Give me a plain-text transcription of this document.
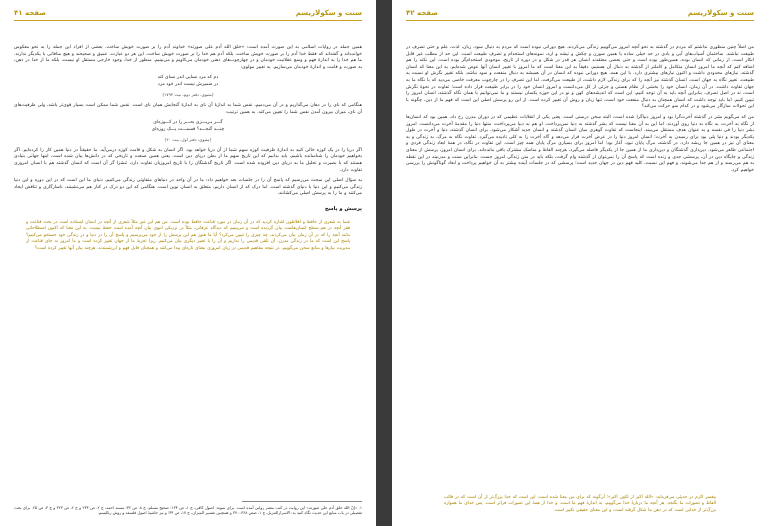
سنت و سکولاریسم
صفحه ۴۱

همین جمله در روایات اسلامی به این صورت آمده است: «خلق الله آدم علی صورته» خداوند آدم را بر صورت خویش ساخت. بعضی از افراد این جمله را به نحو معکوس خوانده‌اند و گفته‌اند که فقط خدا آدم را بر صورت خویش ساخت، بلکه آدم هم خدا را بر صورت خویش ساخت. این هر دو عبارت، عمیق و صحیحند و هیچ منافاتی با یکدیگر ندارند. ما هم خدا را به اندازهٔ فهم و وسع عقلانیت خودمان و در چهارچوب‌های ذهنی خودمان می‌کاویم و می‌بینیم. منظور از خدا، وجود خارجی مستقل او نیست، بلکه ما از خدا در ذهن، به صورت و قامت و اندازهٔ خودمان می‌سازیم. به تعبیر مولوی:

دم که مرد نسایی اندر نسای کند
در ضمیرش نیست اندر خود مرد
(مثنوی، دفتر دوم، بیت ۱۷۹۳)

هنگامی که نای را در دهان می‌گذاریم و در آن می‌دمیم، نفس شما به اندازهٔ آن نای به اندازهٔ گنجایش همان نای است. نفس شما ممکن است بسیار قوی‌تر باشد، ولی ظرفیت‌های آن نای، میزان بیرون آمدن نفس شما را تعیین می‌کند. به همین ترتیب:

گـــر بـریـــزی بحـــر را در کـــوزه‌ای
چنـــد گنجـــد؟ قسمـــت یـــک روزه‌ای
(مثنوی، دفتر اول، بیت ۲۰)

اگر دریا را در یک کوزه خالی کنید به اندازهٔ ظرفیت کوزه سهم شما از آن دریا خواهد بود. اگر انسان به شکل و قامت کوزه درمی‌آید. ما حقیقتاً در دنیا همین کار را کرده‌ایم. اگر بخواهیم خودمان را شناسانده باشیم، باید بدانیم که این تاریخ سهم ما از بطن دریای دین است. یعنی همین صنعت و تاریخی که در دانش‌ها بیان شده است، اینها جهانی بنیادی هستند که با بصیرت و تحلیل ما به دریای دین افزوده شده است. اگر تاریخ گذشتگان را با تاریخ امروزیان تفاوت دارد، تنشزا گر آن است که انسان گذشته هم با انسان امروزی تفاوت دارد.

به سؤال اصلی این مبحث می‌رسیم که پاسخ آن را در جلسات بعد خواهیم داد: ما در آن واحد در دنیاهای متفاوتی زندگی می‌کنیم، دنیای ما این است که در این دوره و این دنیا زندگی می‌کنیم و این دنیا با دنیای گذشته است. اما درک که از انسان داریم، متعلق به انسان نوین است. هنگامی که این دو درک در کنار هم می‌نشینند، ناسازگاری و تناقض ایجاد می‌کنند و ما را به پرسش اصلی می‌کشانند.

پرسش و پاسخ

شما به شعری از حافظ و افلاطون اشاره کردید که در آن زمان در مورد قناعت حافظ بوده است. من هم ابن غیر مثلاً شعری از آنچه در انسان ایستاده است در بحث قناعت و فقر آنچه در هم سطح انسان‌هاست بیان گردیده است و می‌بینیم که دیدگاه عرفانی، مثلاً در نزدیکی انبوی بیان آنچه آمده است حفظ نیست. به این معنا که اکنون اصطلاحاتی مانند آنچه را که در آن زمان بیان می‌کردند، چه چیزی را تبیین می‌کرد؟ آیا ما هنوز هم این پرسش را از خود می‌پرسیم و پاسخ آن را در دنیا و در زندگی خود جستجو می‌کنیم؟ پاسخ این است که ما در زندگی مدرن، آن تلقی قدیمی را نداریم و آن را با تعبیر دیگری بیان می‌کنیم. زیرا تجربهٔ ما از جهان تغییر کرده است و ما امروز به جای قناعت از مدیریت نیازها و منابع سخن می‌گوییم. در نتیجه مفاهیم قدیمی در زبان امروزی معنای تازه‌ای پیدا می‌کنند و همچنان قابل فهم و ارزشمندند، هرچند بیان آنها تغییر کرده است؟

۱. «إنّ الله خلق آدم علی صورته» این روایت در کتب معتبر روایی آمده است. برای نمونه: اصول کافی، ج ۱، ص ۱۳۴؛ صحیح مسلم، ج ۸، ص ۳۲؛ مسند احمد، ج ۲، ص ۲۴۴ و ج ۲، ص ۳۲۳ و ج ۳، ص ۲۵. برای بحث تفصیلی در باب منابع این حدیث نگاه کنید به: الاسرارالتنزیل، ج ۱، صص ۳۶۸–۳۷۰ و همچنین تفسیر المیزان، ج ۱۷، ص ۴۴؛ و نیز حاشیهٔ اصول فلسفه و روش رئالیسم.

سنت و سکولاریسم
صفحه ۴۲

من اصلاً چنین منظوری نداشتم که مردم در گذشته به نحو آنچه امروز می‌گوییم زندگی می‌کردند. هیچ دورانی نبوده است که مردم به دنبال سود، زبان، لذت، علم و حتی تصرف در طبیعت نباشند. ساختمان آسیاب‌های آبی و بادی در حد خیلی ساده یا همین سوزن و چکش و تیشه و اره، نمونه‌های استخدام و تصرف طبیعت است. این حد از مطلب غیر قابل انکار است. از زمانی که انسان بوده، همین‌طور بوده است و حتی بعضی معتقدند انسان هر قدر در شکل و در دوره از تاریخ، موجودی استخدام‌گر بوده است. این نکته را هم اضافه کنم که آنچه ما امروز انسان متکامل و کاملتر از گذشته به دنبال آن هستیم، دقیقاً به این معنا است که ما امروز با تغییر انسان آنها عوض شده‌ایم. به این معنا که انسان گذشته، نیازهای محدودی داشت و اکنون نیازهای بیشتری دارد. با این همه، هیچ دورانی نبوده که انسان در آن همیشه به دنبال منفعت و سود نباشد، بلکه تغییر نگرش او نسبت به طبیعت، تغییر نگاه به جهان است. انسان گذشته نیز آنچه را که برای زندگی لازم داشت، از طبیعت می‌گرفت، اما این تصرف را در چارچوب معرفت خاصی می‌دید که با نگاه ما به جهان تفاوت داشت. در آن زمان، انسان خود را بخشی از نظام هستی و جزئی از کل می‌دانست و امروز انسان خود را در برابر طبیعت قرار داده است؛ تفاوت در نحوهٔ نگرش است، نه در اصل تصرف. بنابراین آنچه باید به آن توجه کنیم، این است که اندیشه‌های کهن و نو در این حوزه یکسان نیستند و ما نمی‌توانیم با همان نگاه گذشته، انسان امروز را تبیین کنیم. اما باید توجه داشت که انسان همچنان به دنبال منفعت خود است، تنها زبان و روش آن تغییر کرده است. از این رو پرسش اصلی این است که فهم ما از دین، چگونه با این تحولات سازگار می‌شود و در کدام سو حرکت می‌کند؟

من که می‌گویم بشر در گذشته آخرت‌گرا بود و امروز دنیاگرا شده است، البته سخن درستی است. یعنی یکی از انقلابات عظیمی که در دوران مدرن رخ داد، همین بود که انسان‌ها از نگاه به آخرت، به نگاه به دنیا روی آوردند. اما این به آن معنا نیست که بشر گذشته به دنیا نمی‌پرداخت. او هم به دنیا می‌پرداخت، منتها دنیا را مقدمهٔ آخرت می‌دانست. امروز بشر دنیا را فی نفسه و به عنوان هدف مستقل می‌بیند. اینجاست که تفاوت گوهری میان انسان گذشته و انسان جدید آشکار می‌شود. برای انسان گذشته، دنیا و آخرت در طول یکدیگر بودند و دنیا پلی بود برای رسیدن به آخرت؛ انسان امروز دنیا را در عرض آخرت قرار می‌دهد و گاه آخرت را به کلی نادیده می‌گیرد. تفاوت نگاه به مرگ، به زندگی و به معنای آن نیز در همین جا ریشه دارد. در گذشته، مرگ پایان نبود، آغاز بود؛ اما امروز برای بسیاری مرگ پایان همه چیز است. این تفاوت در نگاه، در همهٔ ابعاد زندگی فردی و اجتماعی ظاهر می‌شود. دین‌داری گذشتگان و دین‌داری ما از همین جا از یکدیگر فاصله می‌گیرد، هرچند الفاظ و مناسک مشترک باقی مانده‌اند. برای انسان امروز، پرسش از معنای زندگی و جایگاه دین در آن، پرسشی جدی و زنده است که پاسخ آن را نمی‌توان از گذشته وام گرفت، بلکه باید در متن زندگی امروز جست. بنابراین سنت و مدرنیته در این نقطه به هم می‌رسند و از هم جدا می‌شوند، و فهم این نسبت، کلید فهم دین در جهان جدید است؛ پرسشی که در جلسات آینده بیشتر به آن خواهیم پرداخت و ابعاد گوناگونش را بررسی خواهیم کرد.

پیغمبر اکرم در حدیثی می‌فرماید: «الله اکبر از لکون اکبر»؛ آن‌گونه که برای من معنا شده است، این است که خدا بزرگ‌تر از آن است که در قالب الفاظ و تصورات ما بگنجد. هر آنچه ما دربارهٔ خدا می‌گوییم، به اندازهٔ فهم ما است، و خدا از همهٔ این تصورات فراتر است. پس خدای ما همواره بزرگ‌تر از خدایی است که در ذهن ما شکل گرفته است، و این معنای حقیقی تکبیر است.
